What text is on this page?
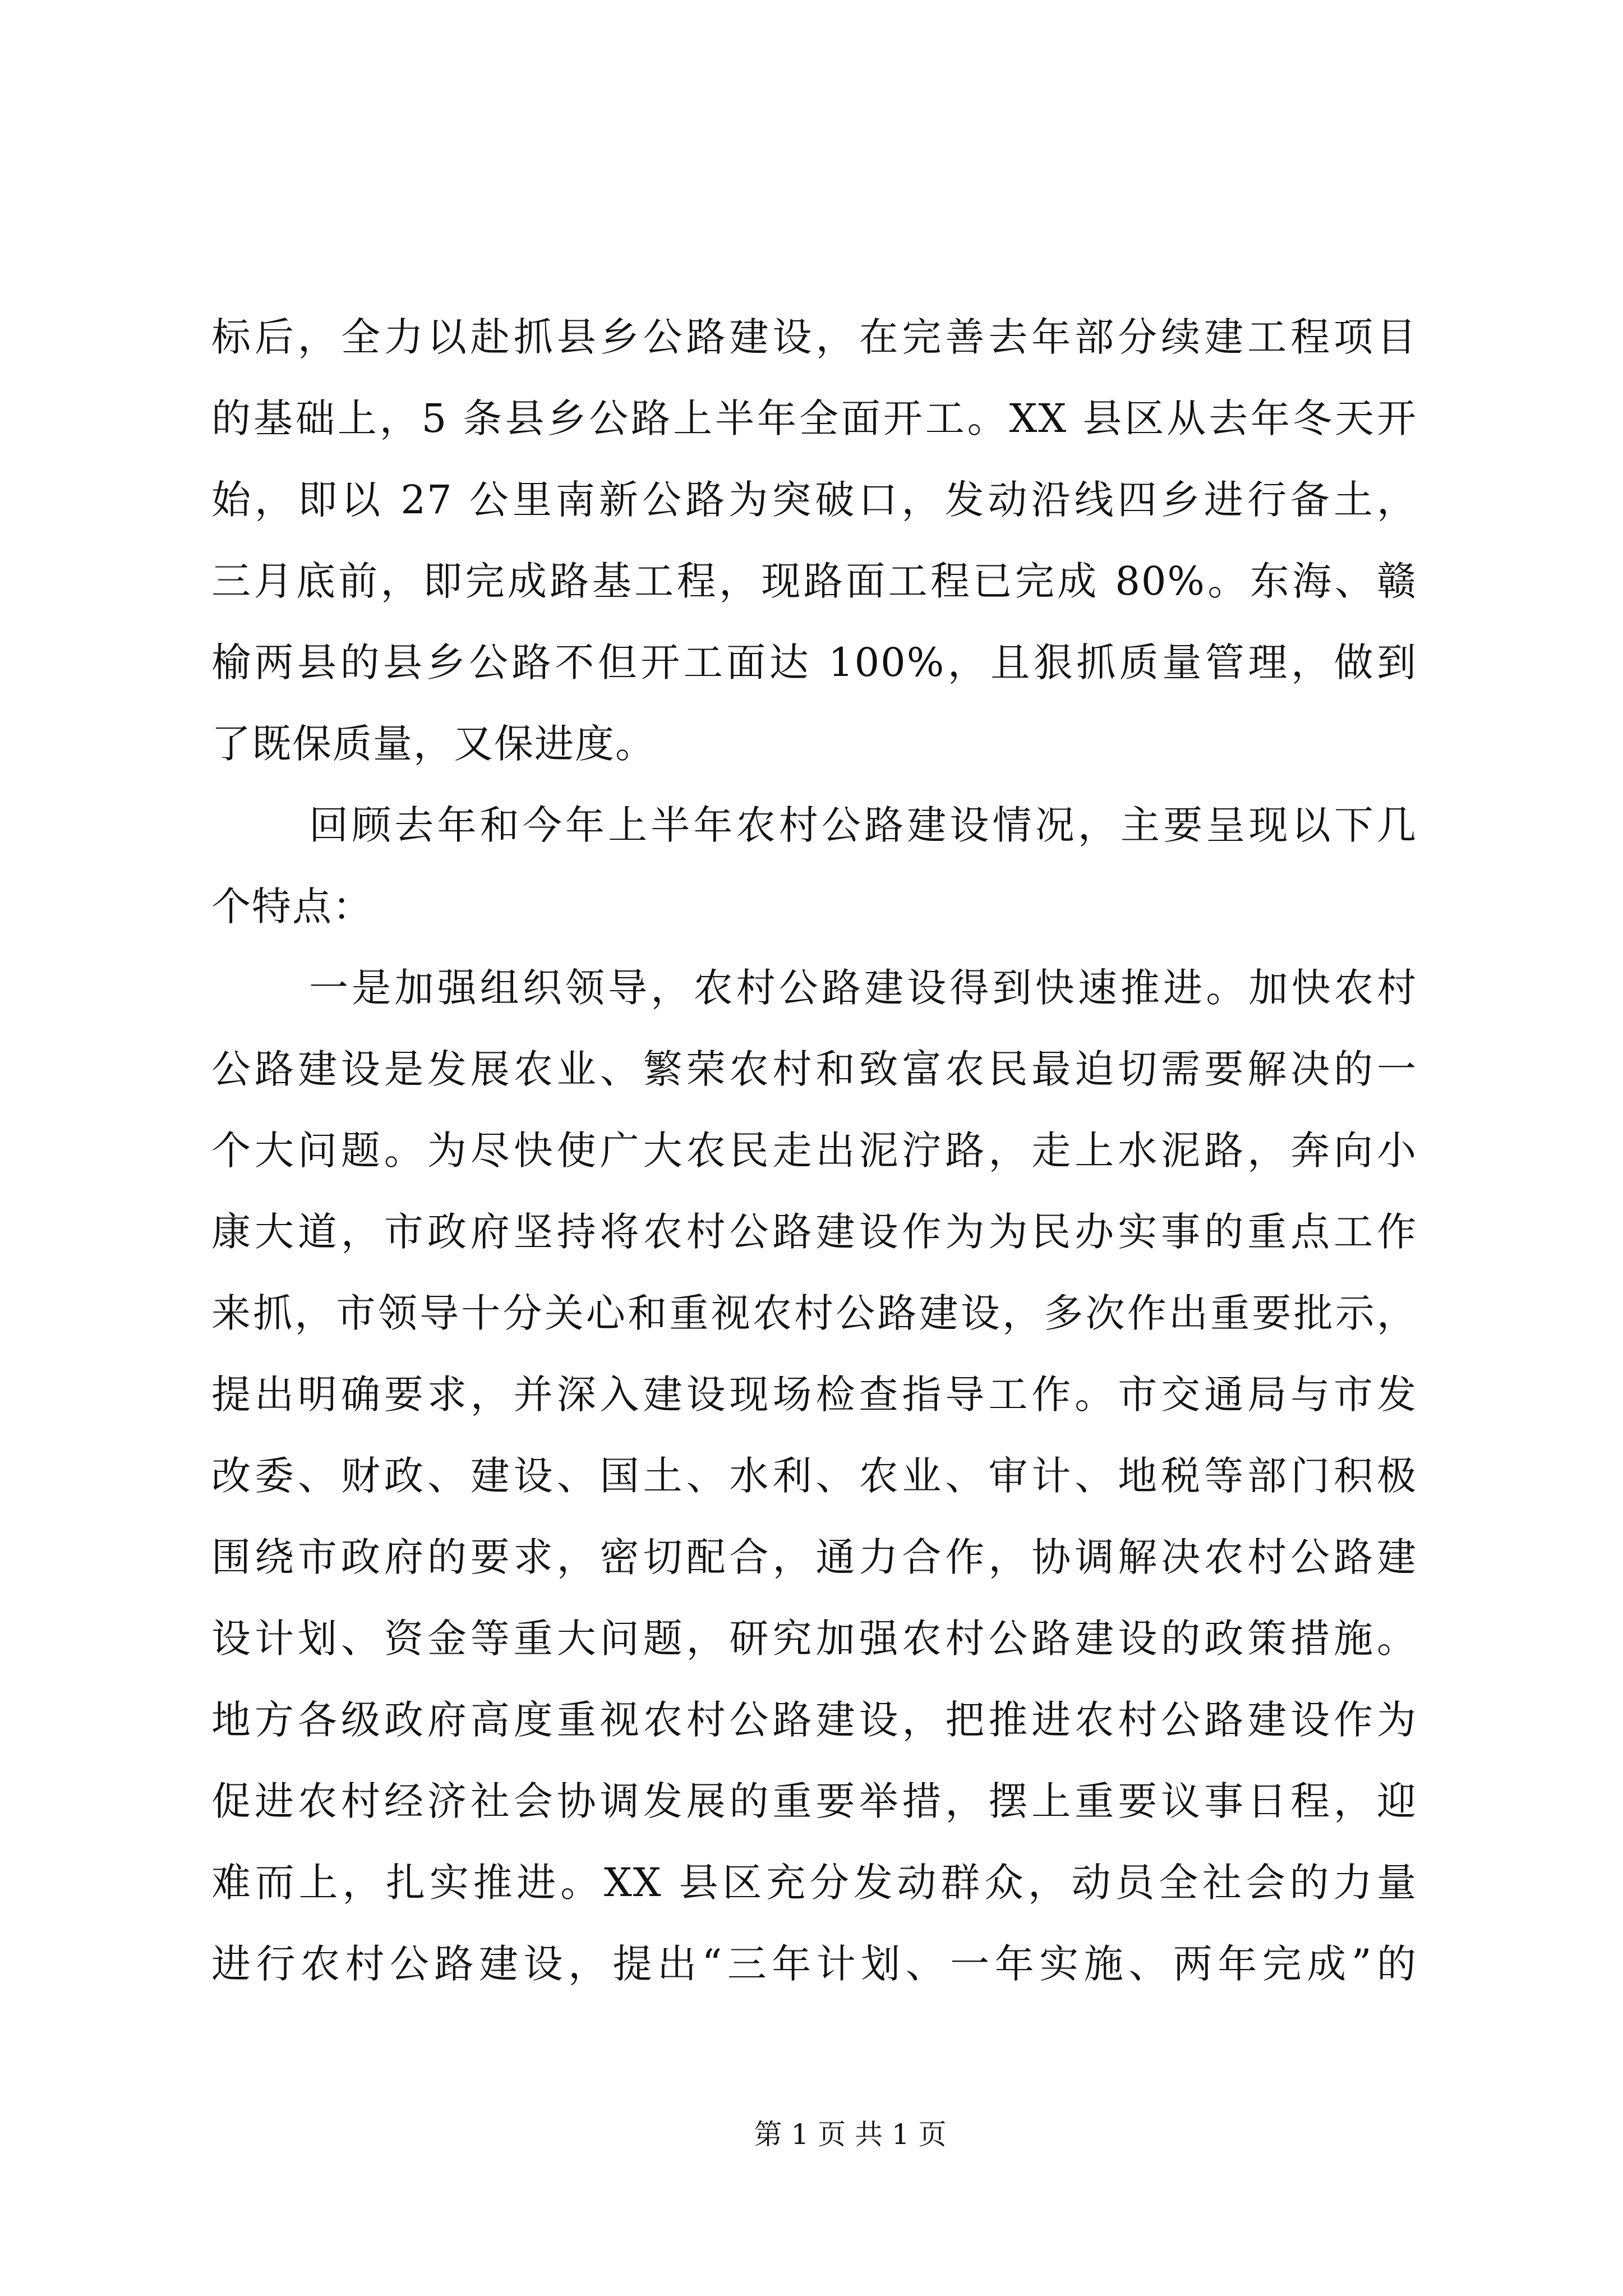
标后，全力以赴抓县乡公路建设，在完善去年部分续建工程项目
的基础上，5 条县乡公路上半年全面开工。XX 县区从去年冬天开
始，即以 27 公里南新公路为突破口，发动沿线四乡进行备土，
三月底前，即完成路基工程，现路面工程已完成 80%。东海、赣
榆两县的县乡公路不但开工面达 100%，且狠抓质量管理，做到
了既保质量，又保进度。
回顾去年和今年上半年农村公路建设情况，主要呈现以下几
个特点：
一是加强组织领导，农村公路建设得到快速推进。加快农村
公路建设是发展农业、繁荣农村和致富农民最迫切需要解决的一
个大问题。为尽快使广大农民走出泥泞路，走上水泥路，奔向小
康大道，市政府坚持将农村公路建设作为为民办实事的重点工作
来抓，市领导十分关心和重视农村公路建设，多次作出重要批示，
提出明确要求，并深入建设现场检查指导工作。市交通局与市发
改委、财政、建设、国土、水利、农业、审计、地税等部门积极
围绕市政府的要求，密切配合，通力合作，协调解决农村公路建
设计划、资金等重大问题，研究加强农村公路建设的政策措施。
地方各级政府高度重视农村公路建设，把推进农村公路建设作为
促进农村经济社会协调发展的重要举措，摆上重要议事日程，迎
难而上，扎实推进。XX 县区充分发动群众，动员全社会的力量
进行农村公路建设，提出“三年计划、一年实施、两年完成”的
第 1 页 共 1 页
